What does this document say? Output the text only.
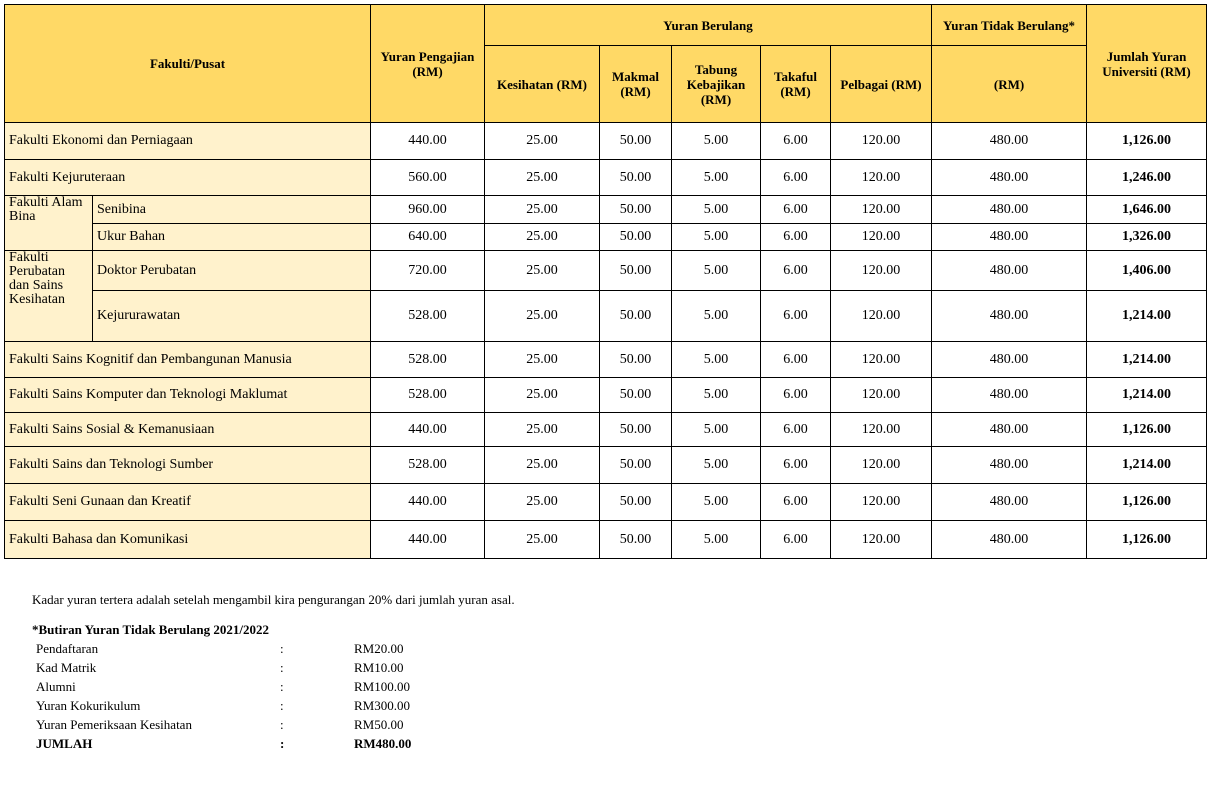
Fakulti/Pusat		Yuran Pengajian (RM)	Yuran Berulang					Yuran Tidak Berulang*	Jumlah Yuran Universiti (RM)
			Kesihatan (RM)	Makmal (RM)	Tabung Kebajikan (RM)	Takaful (RM)	Pelbagai (RM)	(RM)	
Fakulti Ekonomi dan Perniagaan		440.00	25.00	50.00	5.00	6.00	120.00	480.00	1,126.00
Fakulti Kejuruteraan		560.00	25.00	50.00	5.00	6.00	120.00	480.00	1,246.00
Fakulti Alam Bina	Senibina	960.00	25.00	50.00	5.00	6.00	120.00	480.00	1,646.00
	Ukur Bahan	640.00	25.00	50.00	5.00	6.00	120.00	480.00	1,326.00
Fakulti Perubatan dan Sains Kesihatan	Doktor Perubatan	720.00	25.00	50.00	5.00	6.00	120.00	480.00	1,406.00
	Kejururawatan	528.00	25.00	50.00	5.00	6.00	120.00	480.00	1,214.00
Fakulti Sains Kognitif dan Pembangunan Manusia		528.00	25.00	50.00	5.00	6.00	120.00	480.00	1,214.00
Fakulti Sains Komputer dan Teknologi Maklumat		528.00	25.00	50.00	5.00	6.00	120.00	480.00	1,214.00
Fakulti Sains Sosial & Kemanusiaan		440.00	25.00	50.00	5.00	6.00	120.00	480.00	1,126.00
Fakulti Sains dan Teknologi Sumber		528.00	25.00	50.00	5.00	6.00	120.00	480.00	1,214.00
Fakulti Seni Gunaan dan Kreatif		440.00	25.00	50.00	5.00	6.00	120.00	480.00	1,126.00
Fakulti Bahasa dan Komunikasi		440.00	25.00	50.00	5.00	6.00	120.00	480.00	1,126.00
Kadar yuran tertera adalah setelah mengambil kira pengurangan 20% dari jumlah yuran asal.
*Butiran Yuran Tidak Berulang 2021/2022
Pendaftaran	:	RM20.00
Kad Matrik	:	RM10.00
Alumni	:	RM100.00
Yuran Kokurikulum	:	RM300.00
Yuran Pemeriksaan Kesihatan	:	RM50.00
JUMLAH	:	RM480.00
